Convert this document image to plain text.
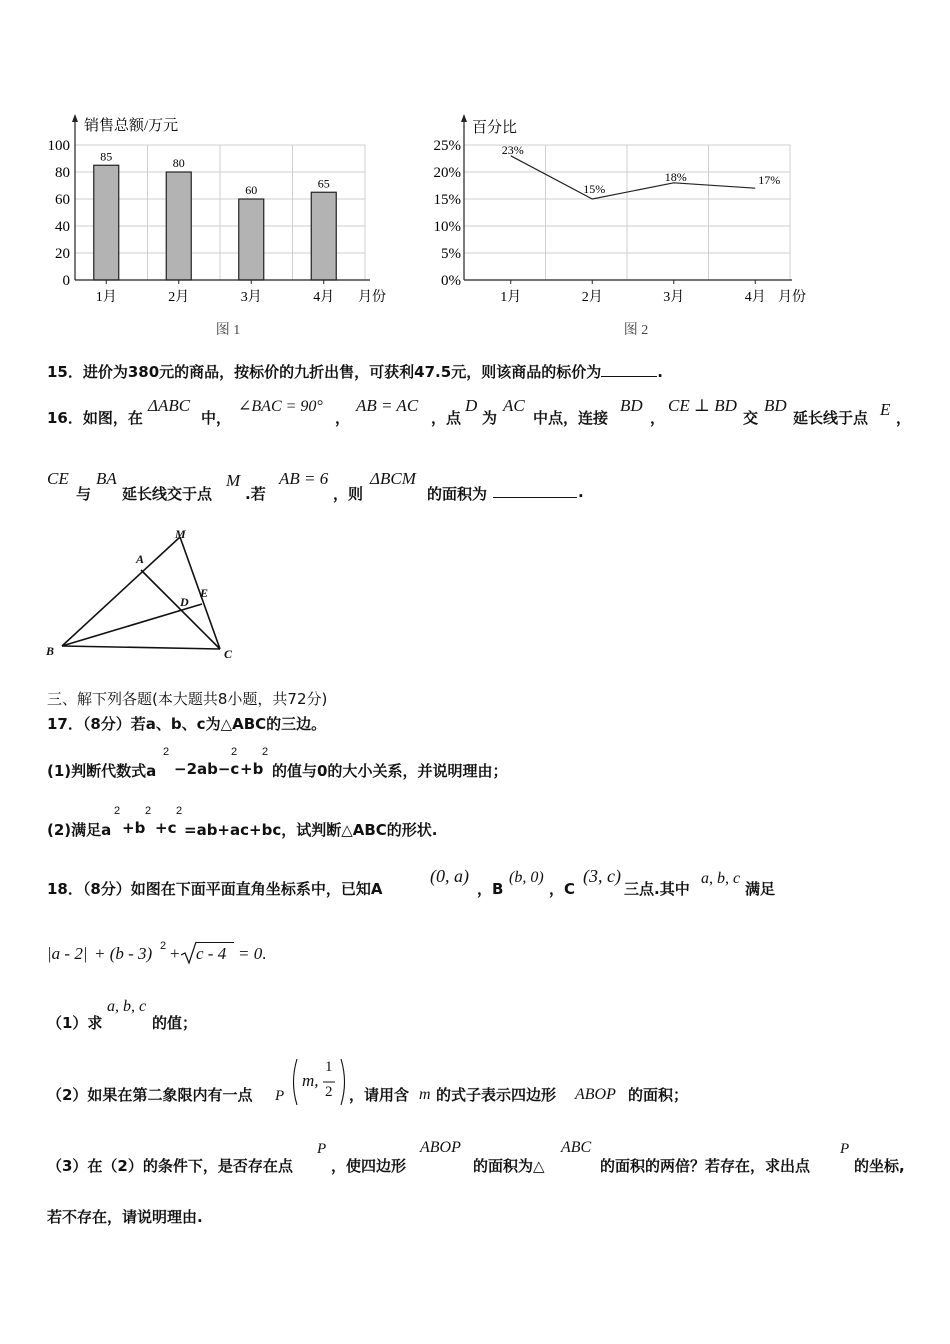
0
20
40
60
80
100
85
1月
80
2月
60
3月
65
4月
销售总额/万元
月份
图 1
0%
5%
10%
15%
20%
25%
1月
23%
2月
15%
3月
18%
4月
17%
百分比
月份
图 2
15．进价为380元的商品，按标价的九折出售，可获利47.5元，则该商品的标价为	.
16．如图，在
ΔABC
中，
∠BAC = 90°
，
AB = AC
，点
D
为
AC
中点，连接
BD
，
CE ⊥ BD
交
BD
延长线于点 E ，
CE
与
BA
延长线交于点
M
.若
AB = 6
，则
ΔBCM
的面积为	.
M
A
E
D
B	C
三、解下列各题(本大题共8小题，共72分)
17．（8分）若a、b、c为△ABC的三边。
(1)判断代数式a
2
−2ab−c
2
+b
2
的值与0的大小关系，并说明理由；
(2)满足a
2
+b
2
+c
2
=ab+ac+bc，试判断△ABC的形状.
18．（8分）如图在下面平面直角坐标系中，已知A
(0, a)
，B
(b, 0)
，C
(3, c)
三点.其中
a, b, c
满足
|a - 2| + (b - 3) 2 + c - 4 = 0 .
（1）求
a, b, c
的值；
（2）如果在第二象限内有一点 P
m,
1
2 ，请用含 m 的式子表示四边形 ABOP 的面积；
（3）在（2）的条件下，是否存在点
P
，使四边形
ABOP
的面积为△
ABC
的面积的两倍？若存在，求出点
P
的坐标,
若不存在，请说明理由.
